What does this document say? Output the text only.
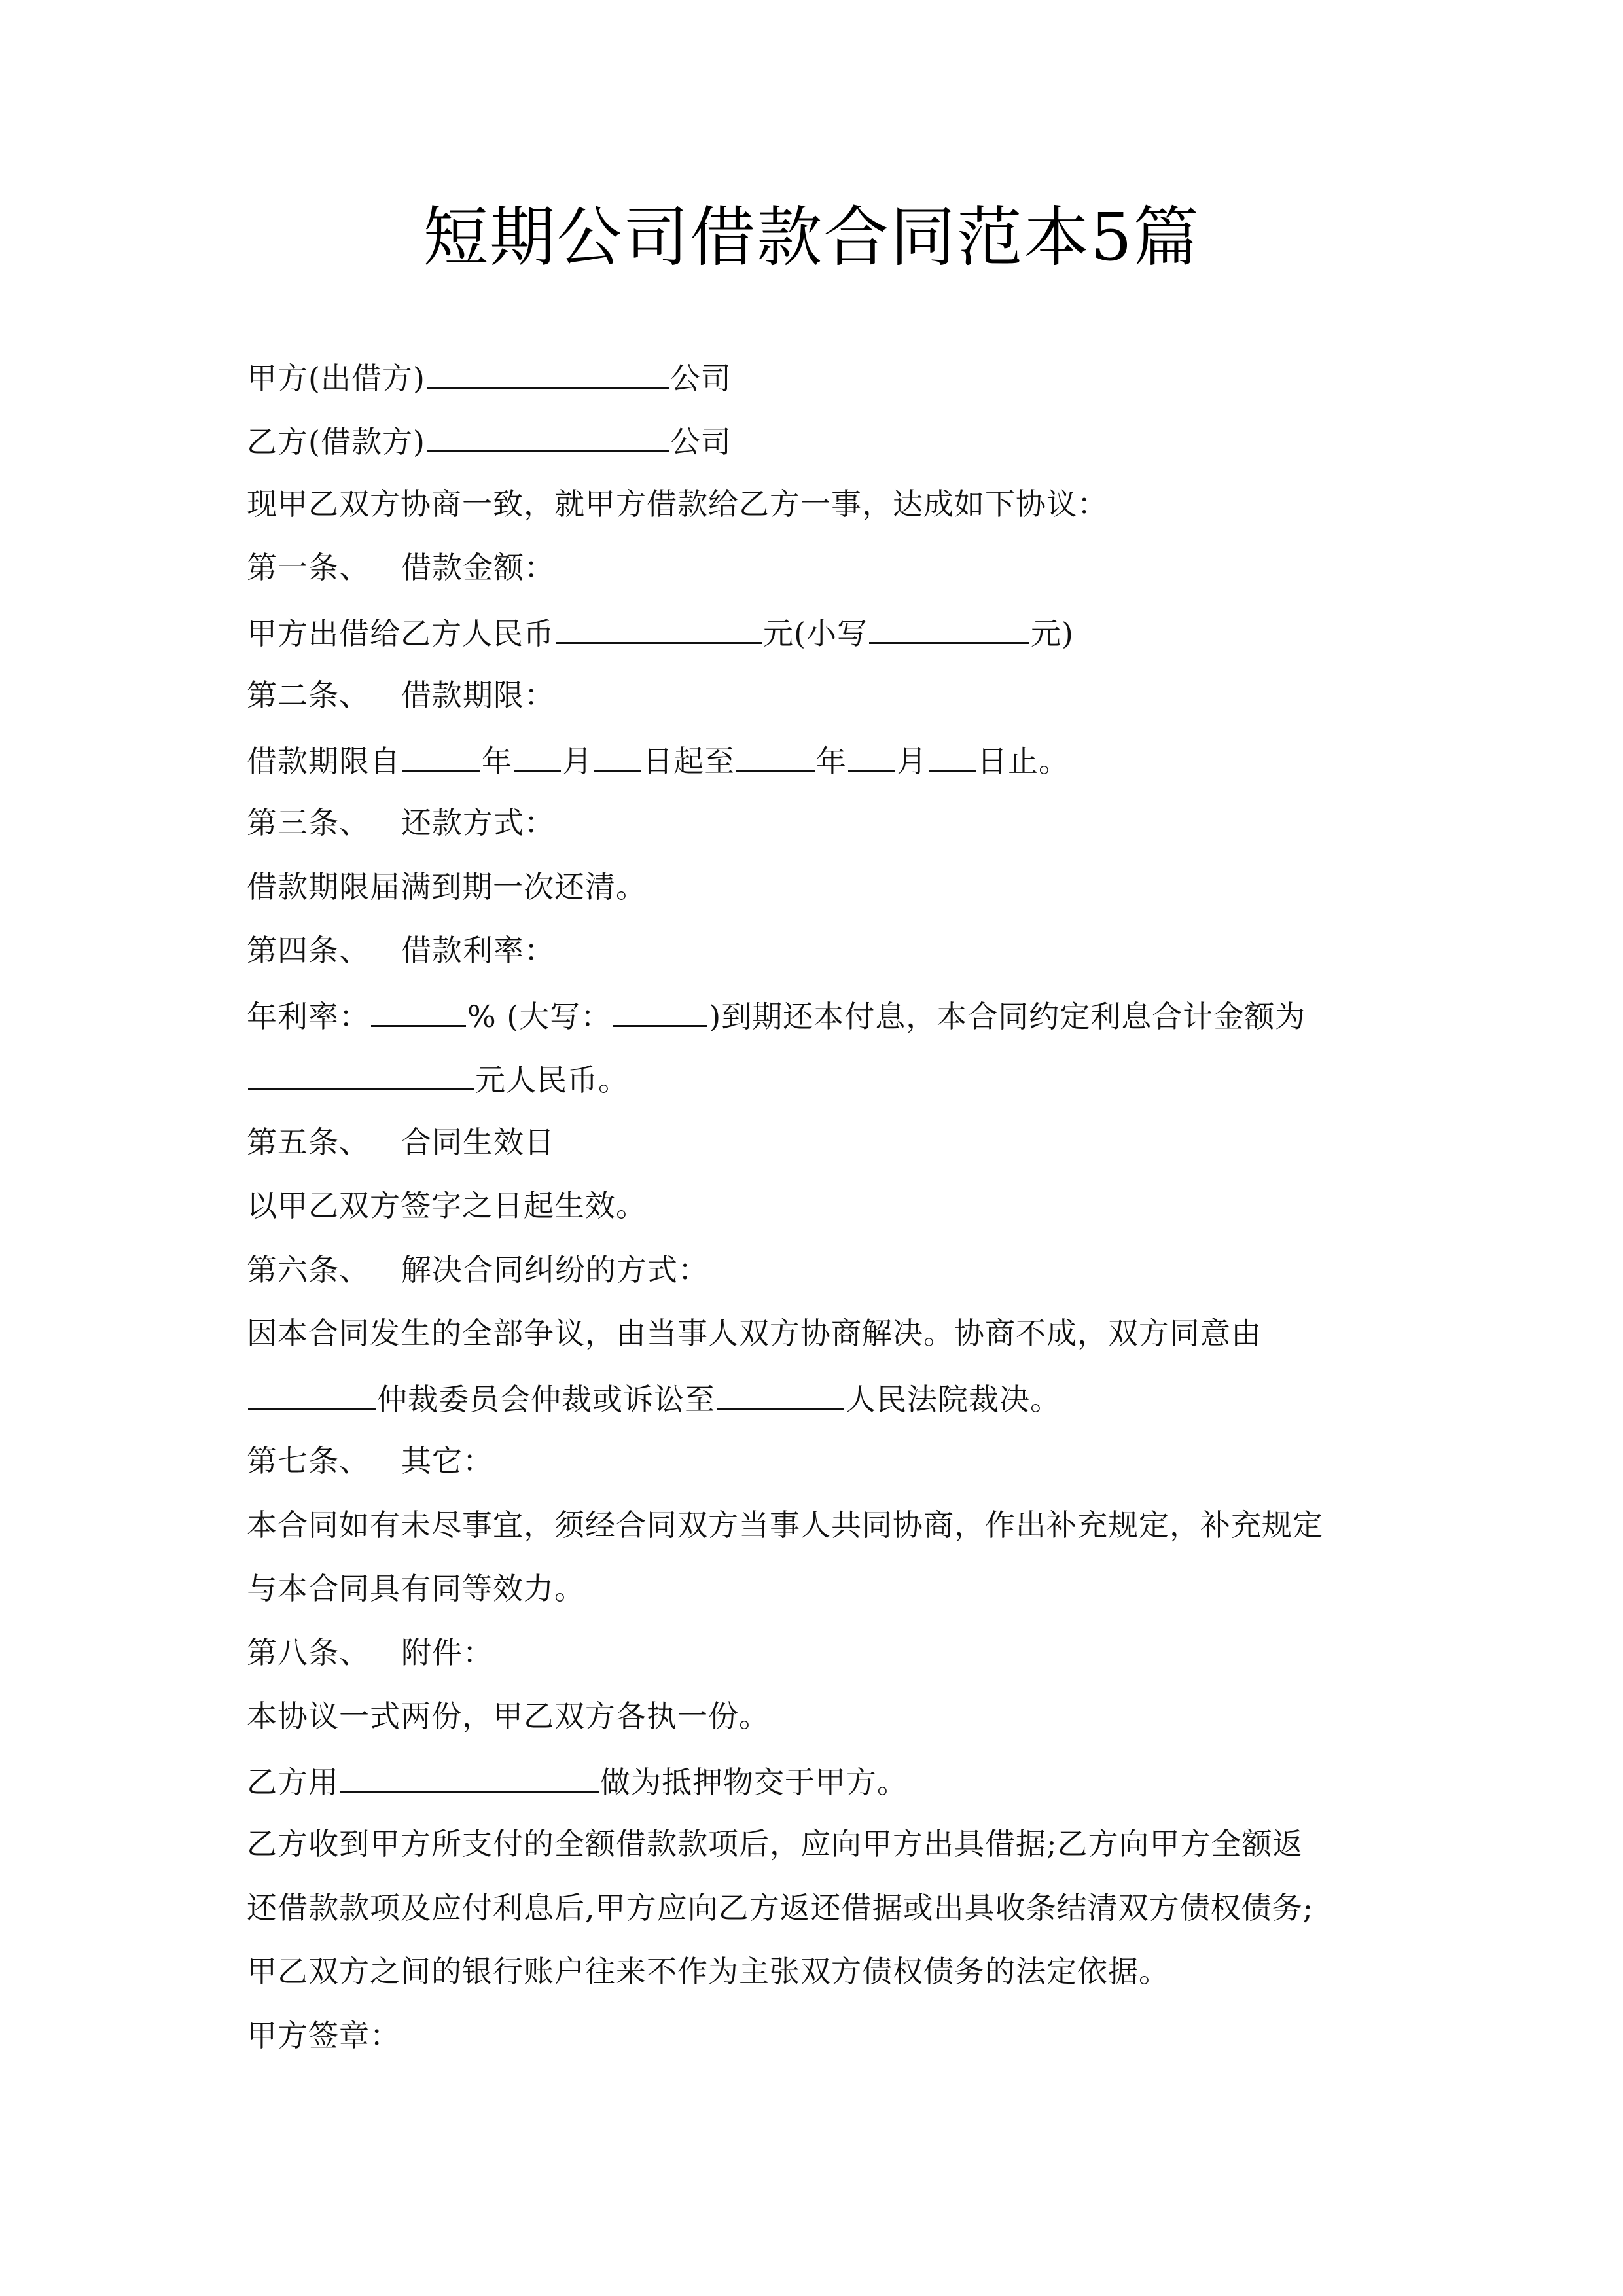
短期公司借款合同范本5篇
甲方(出借方)	公司
乙方(借款方)	公司
现甲乙双方协商一致，就甲方借款给乙方一事，达成如下协议：
第一条、 借款金额：
甲方出借给乙方人民币	元(小写	元)
第二条、 借款期限：
借款期限自	年 月 日起至	年 月 日止。
第三条、 还款方式：
借款期限届满到期一次还清。
第四条、 借款利率：
年利率：	% (大写：	)到期还本付息，本合同约定利息合计金额为
元人民币。
第五条、 合同生效日
以甲乙双方签字之日起生效。
第六条、 解决合同纠纷的方式：
因本合同发生的全部争议，由当事人双方协商解决。协商不成，双方同意由
仲裁委员会仲裁或诉讼至	人民法院裁决。
第七条、 其它：
本合同如有未尽事宜，须经合同双方当事人共同协商，作出补充规定，补充规定
与本合同具有同等效力。
第八条、 附件：
本协议一式两份，甲乙双方各执一份。
乙方用	做为抵押物交于甲方。
乙方收到甲方所支付的全额借款款项后，应向甲方出具借据;乙方向甲方全额返
还借款款项及应付利息后,甲方应向乙方返还借据或出具收条结清双方债权债务;
甲乙双方之间的银行账户往来不作为主张双方债权债务的法定依据。
甲方签章：
